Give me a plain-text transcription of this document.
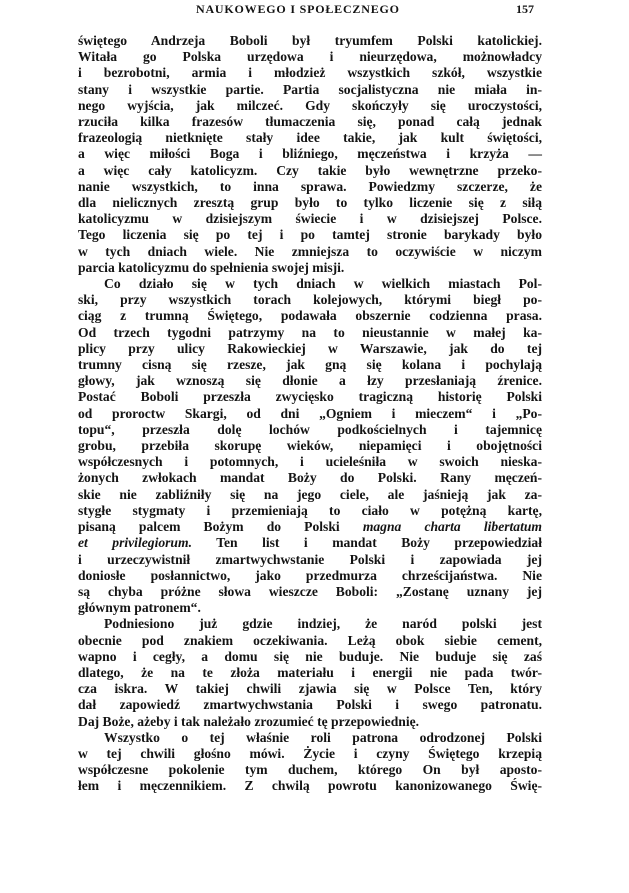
NAUKOWEGO I SPOŁECZNEGO	157
świętego Andrzeja Boboli był tryumfem Polski katolickiej.
Witała go Polska urzędowa i nieurzędowa, możnowładcy
i bezrobotni, armia i młodzież wszystkich szkół, wszystkie
stany i wszystkie partie. Partia socjalistyczna nie miała in-
nego wyjścia, jak milczeć. Gdy skończyły się uroczystości,
rzuciła kilka frazesów tłumaczenia się, ponad całą jednak
frazeologią nietknięte stały idee takie, jak kult świętości,
a więc miłości Boga i bliźniego, męczeństwa i krzyża —
a więc cały katolicyzm. Czy takie było wewnętrzne przeko-
nanie wszystkich, to inna sprawa. Powiedzmy szczerze, że
dla nielicznych zresztą grup było to tylko liczenie się z siłą
katolicyzmu w dzisiejszym świecie i w dzisiejszej Polsce.
Tego liczenia się po tej i po tamtej stronie barykady było
w tych dniach wiele. Nie zmniejsza to oczywiście w niczym
parcia katolicyzmu do spełnienia swojej misji.
Co działo się w tych dniach w wielkich miastach Pol-
ski, przy wszystkich torach kolejowych, którymi biegł po-
ciąg z trumną Świętego, podawała obszernie codzienna prasa.
Od trzech tygodni patrzymy na to nieustannie w małej ka-
plicy przy ulicy Rakowieckiej w Warszawie, jak do tej
trumny cisną się rzesze, jak gną się kolana i pochylają
głowy, jak wznoszą się dłonie a łzy przesłaniają źrenice.
Postać Boboli przeszła zwycięsko tragiczną historię Polski
od proroctw Skargi, od dni „Ogniem i mieczem“ i „Po-
topu“, przeszła dolę lochów podkościelnych i tajemnicę
grobu, przebiła skorupę wieków, niepamięci i obojętności
współczesnych i potomnych, i ucieleśniła w swoich nieska-
żonych zwłokach mandat Boży do Polski. Rany męczeń-
skie nie zabliźniły się na jego ciele, ale jaśnieją jak za-
stygłe stygmaty i przemieniają to ciało w potężną kartę,
pisaną palcem Bożym do Polski magna charta libertatum
et privilegiorum. Ten list i mandat Boży przepowiedział
i urzeczywistnił zmartwychwstanie Polski i zapowiada jej
doniosłe posłannictwo, jako przedmurza chrześcijaństwa. Nie
są chyba próżne słowa wieszcze Boboli: „Zostanę uznany jej
głównym patronem“.
Podniesiono już gdzie indziej, że naród polski jest
obecnie pod znakiem oczekiwania. Leżą obok siebie cement,
wapno i cegły, a domu się nie buduje. Nie buduje się zaś
dlatego, że na te złoża materiału i energii nie pada twór-
cza iskra. W takiej chwili zjawia się w Polsce Ten, który
dał zapowiedź zmartwychwstania Polski i swego patronatu.
Daj Boże, ażeby i tak należało zrozumieć tę przepowiednię.
Wszystko o tej właśnie roli patrona odrodzonej Polski
w tej chwili głośno mówi. Życie i czyny Świętego krzepią
współczesne pokolenie tym duchem, którego On był aposto-
łem i męczennikiem. Z chwilą powrotu kanonizowanego Świę-
